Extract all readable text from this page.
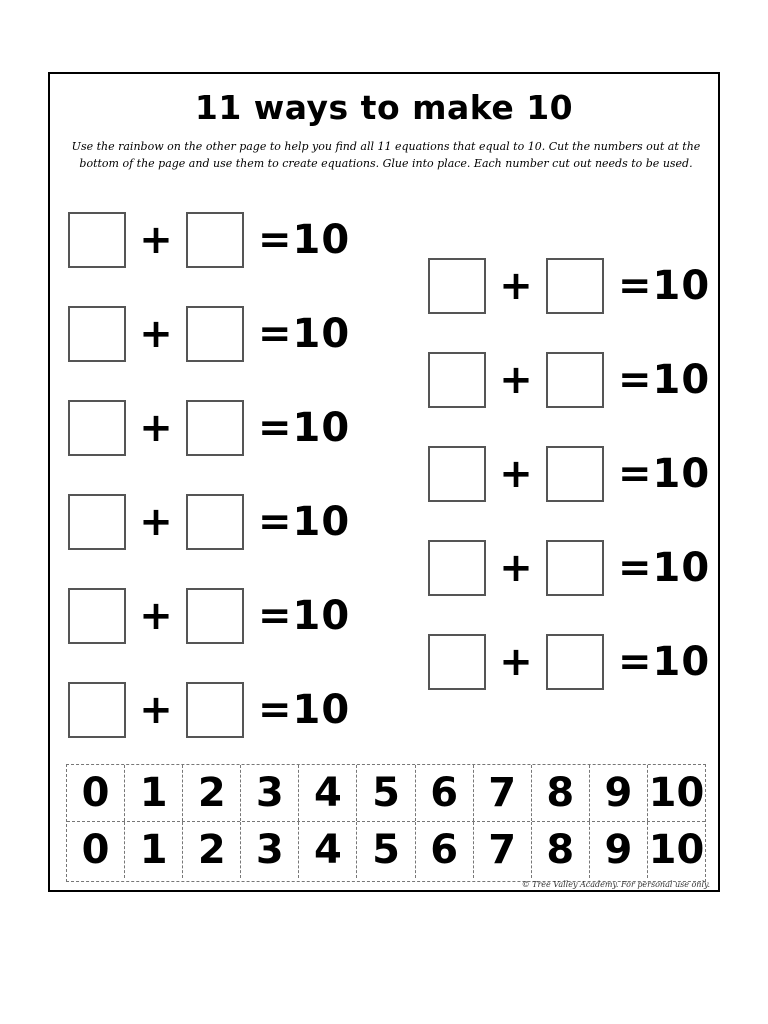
11 ways to make 10
Use the rainbow on the other page to help you find all 11 equations that equal to 10. Cut the numbers out at the bottom of the page and use them to create equations. Glue into place. Each number cut out needs to be used.
+	=10
+	=10
+	=10
+	=10
+	=10
+	=10
+	=10
+	=10
+	=10
+	=10
+	=10
0 1 2 3 4 5 6 7 8 9 10
0 1 2 3 4 5 6 7 8 9 10
© Tree Valley Academy. For personal use only.
